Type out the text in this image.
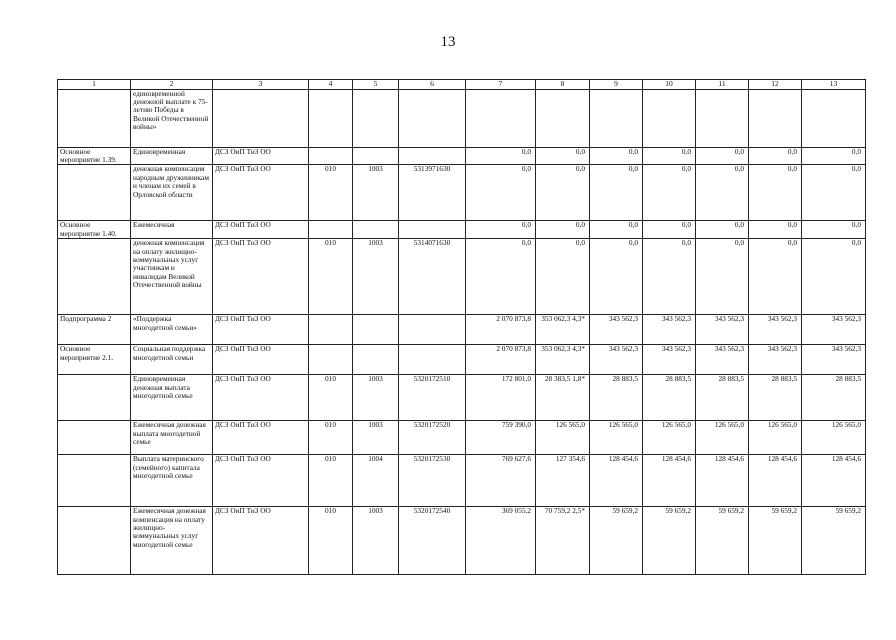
13
1	2	3	4	5	6	7	8	9	10	11	12	13
	единовременной денежной выплате к 75-летию Победы в Великой Отечественной войны»											
Основное мероприятие 1.39.	Единовременная	ДСЗ ОиП ТиЗ ОО				0,0	0,0	0,0	0,0	0,0	0,0	0,0
	денежная компенсация народным дружинникам и членам их семей в Орловской области	ДСЗ ОиП ТиЗ ОО	010	1003	5313971630	0,0	0,0	0,0	0,0	0,0	0,0	0,0
Основное мероприятие 1.40.	Ежемесячная	ДСЗ ОиП ТиЗ ОО				0,0	0,0	0,0	0,0	0,0	0,0	0,0
	денежная компенсация на оплату жилищно-коммунальных услуг участникам и инвалидам Великой Отечественной войны	ДСЗ ОиП ТиЗ ОО	010	1003	5314071630	0,0	0,0	0,0	0,0	0,0	0,0	0,0
Подпрограмма 2	«Поддержка многодетной семьи»	ДСЗ ОиП ТиЗ ОО				2 070 873,8	353 062,3 4,3*	343 562,3	343 562,3	343 562,3	343 562,3	343 562,3
Основное мероприятие 2.1.	Социальная поддержка многодетной семьи	ДСЗ ОиП ТиЗ ОО				2 070 873,8	353 062,3 4,3*	343 562,3	343 562,3	343 562,3	343 562,3	343 562,3
	Единовременная денежная выплата многодетной семье	ДСЗ ОиП ТиЗ ОО	010	1003	5320172510	172 801,0	28 383,5 1,8*	28 883,5	28 883,5	28 883,5	28 883,5	28 883,5
	Ежемесячная денежная выплата многодетной семье	ДСЗ ОиП ТиЗ ОО	010	1003	5320172520	759 390,0	126 565,0	126 565,0	126 565,0	126 565,0	126 565,0	126 565,0
	Выплата материнского (семейного) капитала многодетной семье	ДСЗ ОиП ТиЗ ОО	010	1004	5320172530	769 627,6	127 354,6	128 454,6	128 454,6	128 454,6	128 454,6	128 454,6
	Ежемесячная денежная компенсация на оплату жилищно-коммунальных услуг многодетной семье	ДСЗ ОиП ТиЗ ОО	010	1003	5320172540	369 055,2	70 759,2 2,5*	59 659,2	59 659,2	59 659,2	59 659,2	59 659,2
